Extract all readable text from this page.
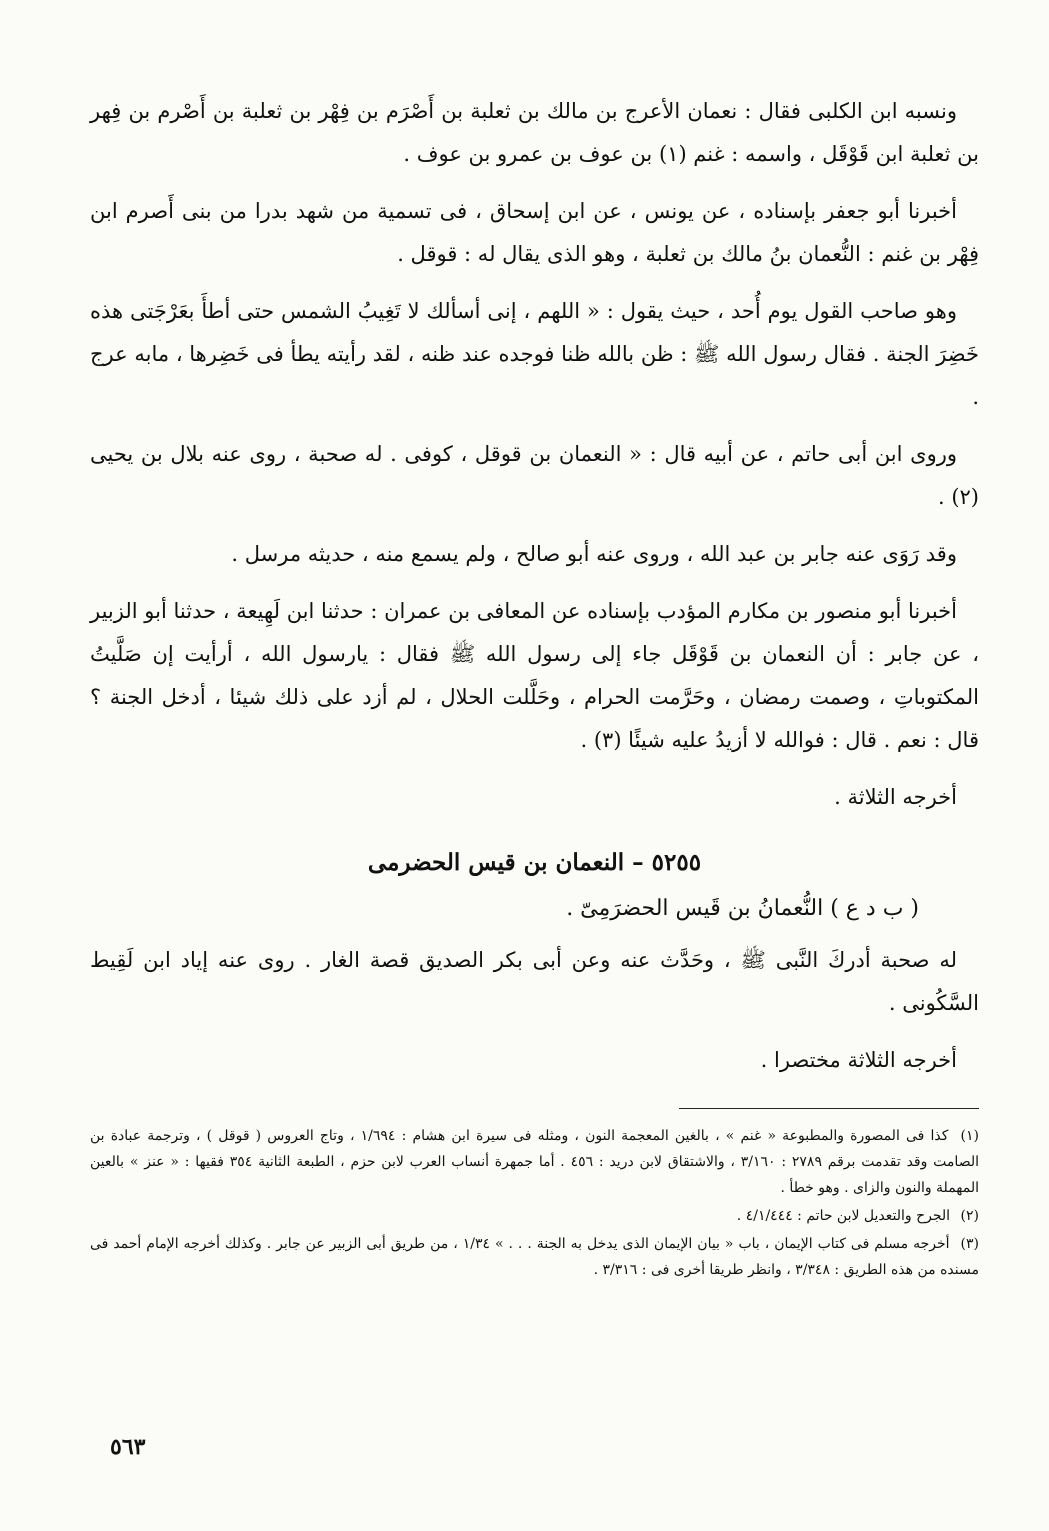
ونسبه ابن الكلبى فقال : نعمان الأعرج بن مالك بن ثعلبة بن أَصْرَم بن فِهْر بن ثعلبة بن أَصْرم بن فِهر بن ثعلبة ابن قَوْقَل ، واسمه : غنم (١) بن عوف بن عمرو بن عوف .

أخبرنا أبو جعفر بإسناده ، عن يونس ، عن ابن إسحاق ، فى تسمية من شهد بدرا من بنى أَصرم ابن فِهْر بن غنم : النُّعمان بنُ مالك بن ثعلبة ، وهو الذى يقال له : قوقل .

وهو صاحب القول يوم أُحد ، حيث يقول : « اللهم ، إنى أسألك لا تَغِيبُ الشمس حتى أطأَ بعَرْجَتى هذه خَضِرَ الجنة . فقال رسول الله ﷺ : ظن بالله ظنا فوجده عند ظنه ، لقد رأيته يطأ فى خَضِرها ، مابه عرج .

وروى ابن أبى حاتم ، عن أبيه قال : « النعمان بن قوقل ، كوفى . له صحبة ، روى عنه بلال بن يحيى (٢) .

وقد رَوَى عنه جابر بن عبد الله ، وروى عنه أبو صالح ، ولم يسمع منه ، حديثه مرسل .

أخبرنا أبو منصور بن مكارم المؤدب بإسناده عن المعافى بن عمران : حدثنا ابن لَهِيعة ، حدثنا أبو الزبير ، عن جابر : أن النعمان بن قَوْقَل جاء إلى رسول الله ﷺ فقال : يارسول الله ، أرأيت إن صَلَّيتُ المكتوباتِ ، وصمت رمضان ، وحَرَّمت الحرام ، وحَلَّلت الحلال ، لم أزد على ذلك شيئا ، أدخل الجنة ؟ قال : نعم . قال : فوالله لا أزيدُ عليه شيئًا (٣) .

أخرجه الثلاثة .

٥٢٥٥ – النعمان بن قيس الحضرمى
( ب د ع ) النُّعمانُ بن قَيس الحضرَمِىّ .

له صحبة أدركَ النَّبى ﷺ ، وحَدَّث عنه وعن أبى بكر الصديق قصة الغار . روى عنه إياد ابن لَقِيط السَّكُونى .

أخرجه الثلاثة مختصرا .

(١) كذا فى المصورة والمطبوعة « غنم » ، بالغين المعجمة النون ، ومثله فى سيرة ابن هشام : ١/٦٩٤ ، وتاج العروس ( قوقل ) ، وترجمة عبادة بن الصامت وقد تقدمت برقم ٢٧٨٩ : ٣/١٦٠ ، والاشتقاق لابن دريد : ٤٥٦ . أما جمهرة أنساب العرب لابن حزم ، الطبعة الثانية ٣٥٤ فقيها : « عنز » بالعين المهملة والنون والزاى . وهو خطأ .

(٢) الجرح والتعديل لابن حاتم : ٤/١/٤٤٤ .

(٣) أخرجه مسلم فى كتاب الإيمان ، باب « بيان الإيمان الذى يدخل به الجنة . . . » ١/٣٤ ، من طريق أبى الزبير عن جابر . وكذلك أخرجه الإمام أحمد فى مسنده من هذه الطريق : ٣/٣٤٨ ، وانظر طريقا أخرى فى : ٣/٣١٦ .

٥٦٣
